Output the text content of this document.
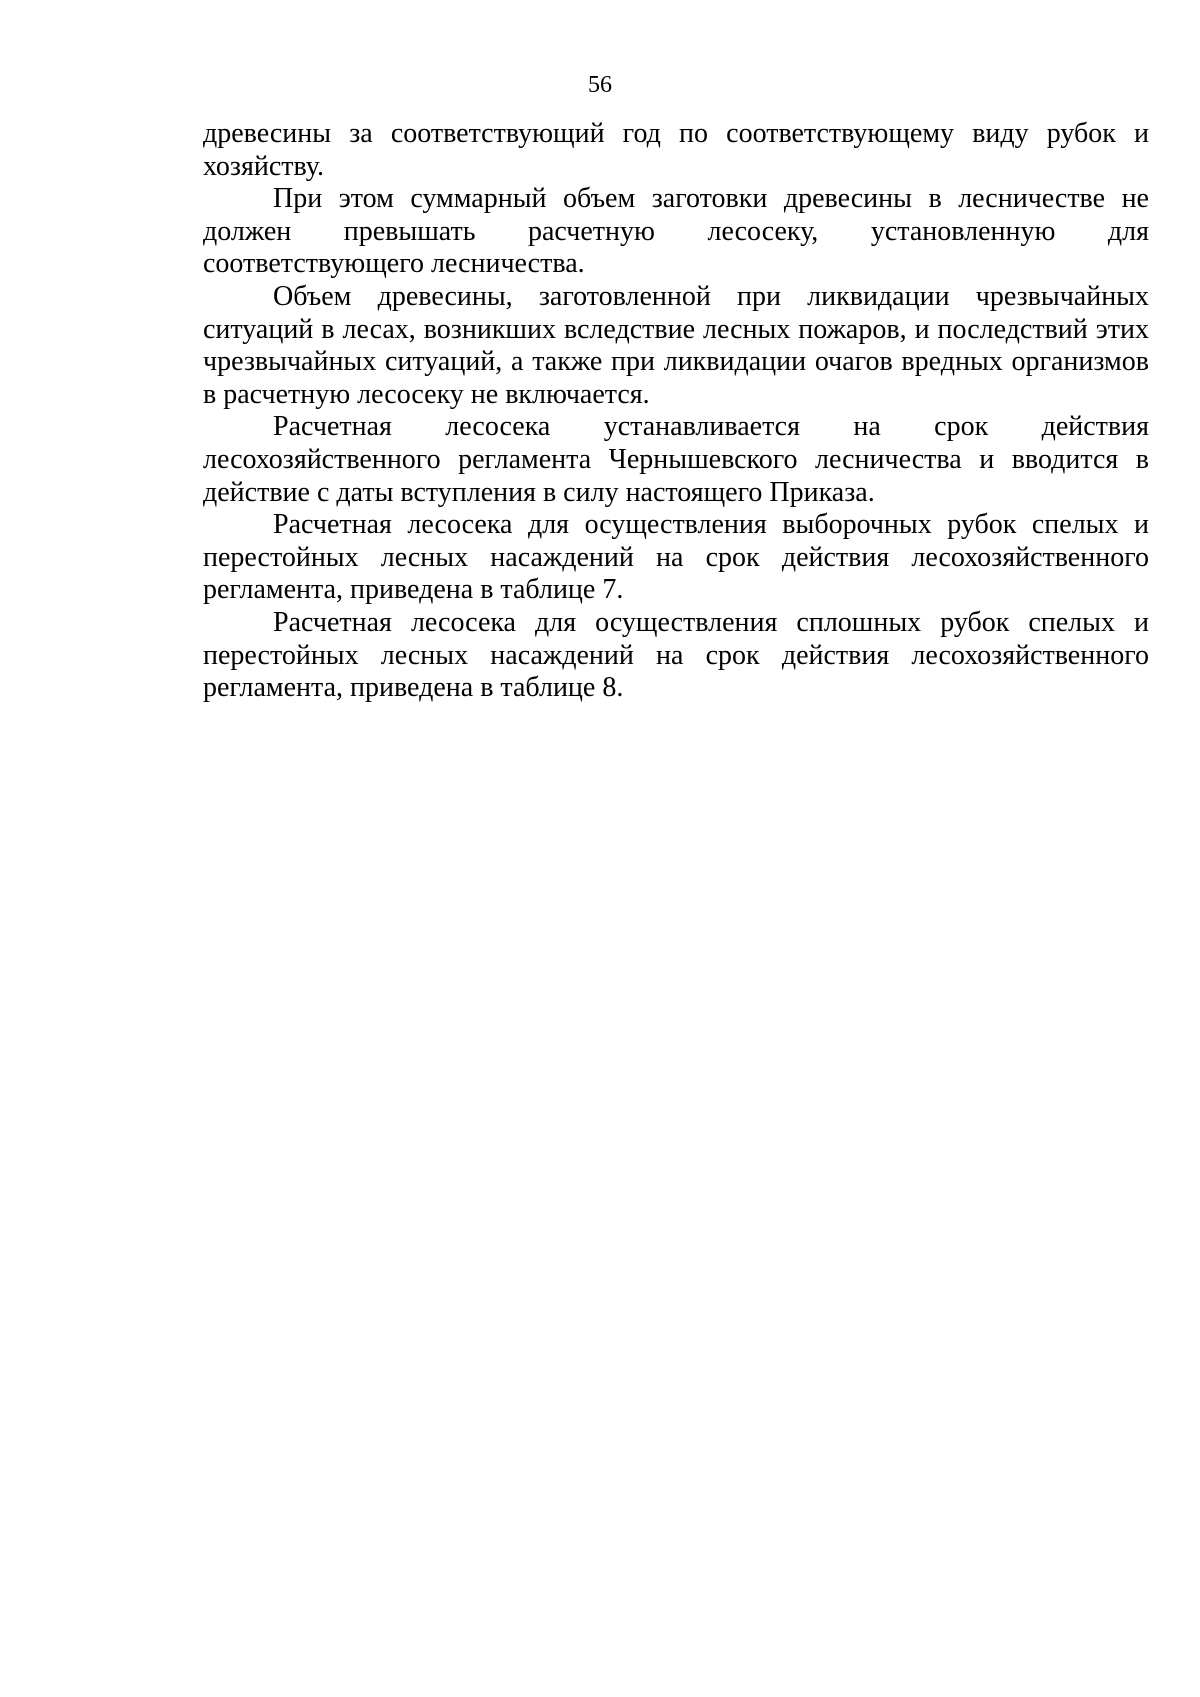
56

древесины за соответствующий год по соответствующему виду рубок и хозяйству.

При этом суммарный объем заготовки древесины в лесничестве не должен превышать расчетную лесосеку, установленную для соответствующего лесничества.

Объем древесины, заготовленной при ликвидации чрезвычайных ситуаций в лесах, возникших вследствие лесных пожаров, и последствий этих чрезвычайных ситуаций, а также при ликвидации очагов вредных организмов в расчетную лесосеку не включается.

Расчетная лесосека устанавливается на срок действия лесохозяйственного регламента Чернышевского лесничества и вводится в действие с даты вступления в силу настоящего Приказа.

Расчетная лесосека для осуществления выборочных рубок спелых и перестойных лесных насаждений на срок действия лесохозяйственного регламента, приведена в таблице 7.

Расчетная лесосека для осуществления сплошных рубок спелых и перестойных лесных насаждений на срок действия лесохозяйственного регламента, приведена в таблице 8.
